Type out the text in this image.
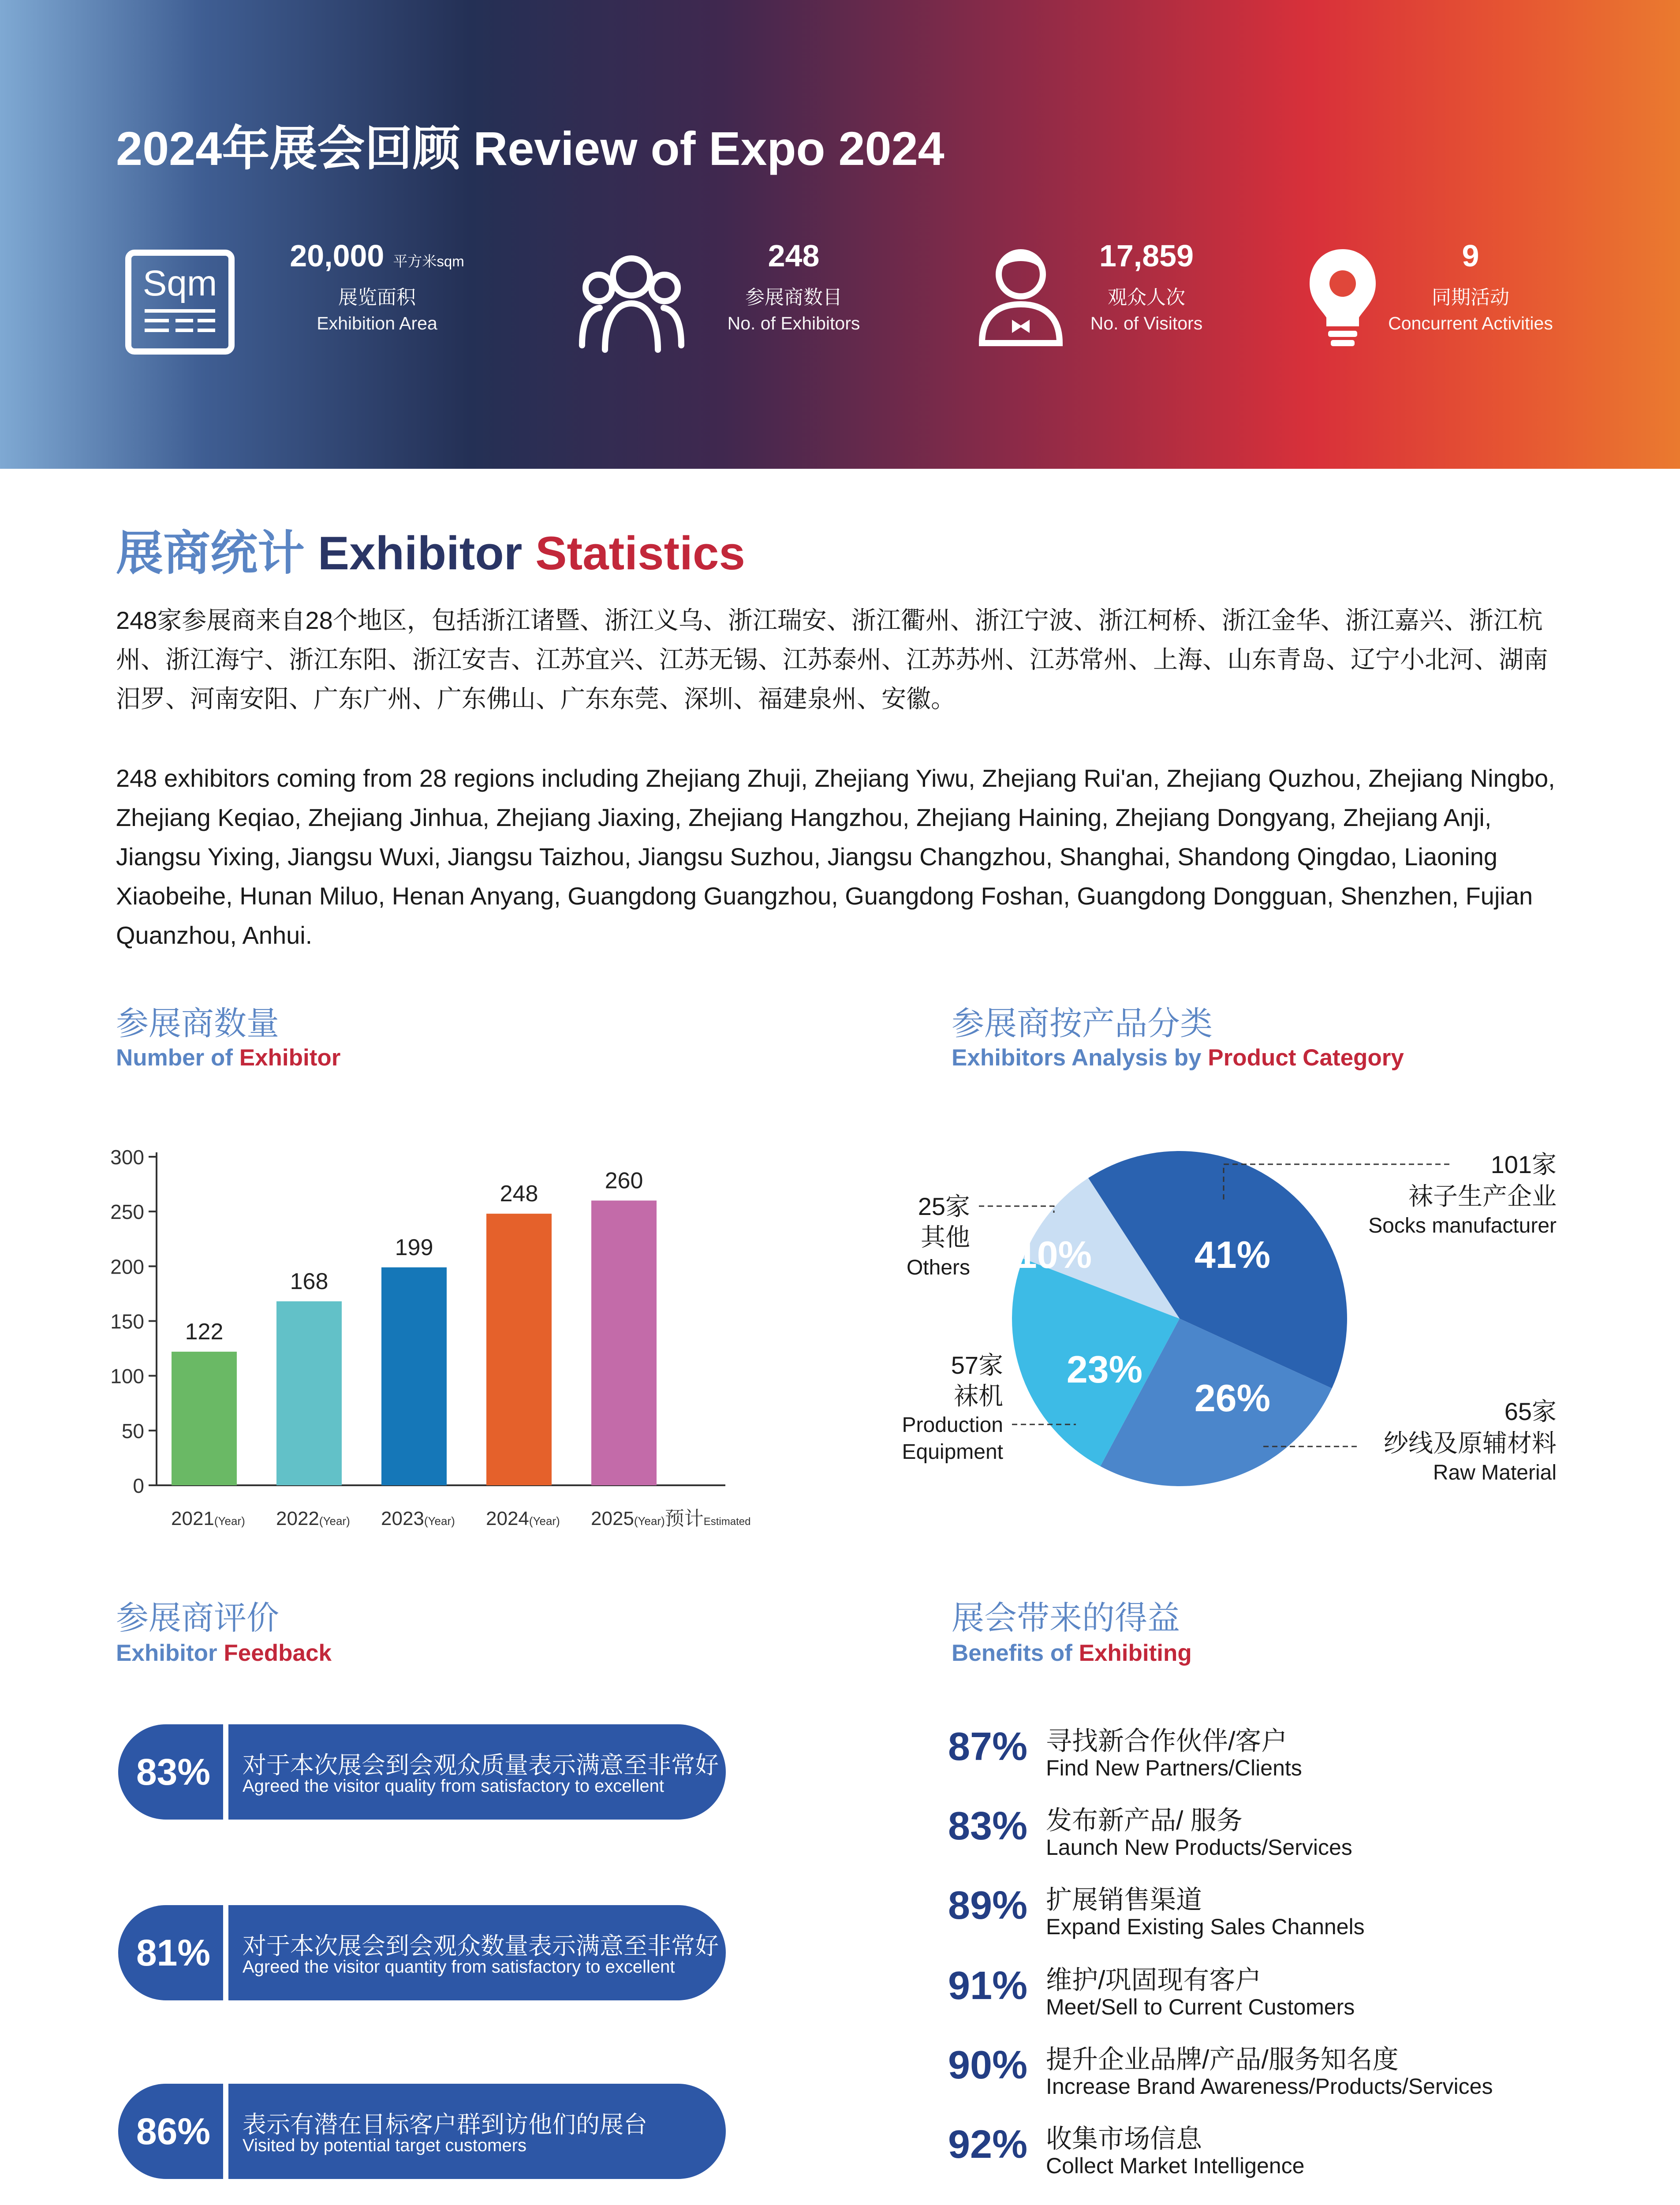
2024年展会回顾 Review of Expo 2024
Sqm
20,000 平方米sqm
展览面积
Exhibition Area
248
参展商数目
No. of Exhibitors
17,859
观众人次
No. of Visitors
9
同期活动
Concurrent Activities
展商统计 Exhibitor Statistics
248家参展商来自28个地区，包括浙江诸暨、浙江义乌、浙江瑞安、浙江衢州、浙江宁波、浙江柯桥、浙江金华、浙江嘉兴、浙江杭州、浙江海宁、浙江东阳、浙江安吉、江苏宜兴、江苏无锡、江苏泰州、江苏苏州、江苏常州、上海、山东青岛、辽宁小北河、湖南汨罗、河南安阳、广东广州、广东佛山、广东东莞、深圳、福建泉州、安徽。
248 exhibitors coming from 28 regions including Zhejiang Zhuji, Zhejiang Yiwu, Zhejiang Rui'an, Zhejiang Quzhou, Zhejiang Ningbo, Zhejiang Keqiao, Zhejiang Jinhua, Zhejiang Jiaxing, Zhejiang Hangzhou, Zhejiang Haining, Zhejiang Dongyang, Zhejiang Anji, Jiangsu Yixing, Jiangsu Wuxi, Jiangsu Taizhou, Jiangsu Suzhou, Jiangsu Changzhou, Shanghai, Shandong Qingdao, Liaoning Xiaobeihe, Hunan Miluo, Henan Anyang, Guangdong Guangzhou, Guangdong Foshan, Guangdong Dongguan, Shenzhen, Fujian Quanzhou, Anhui.
参展商数量
Number of Exhibitor
0
50
100
150
200
250
300
122
2021(Year)
168
2022(Year)
199
2023(Year)
248
2024(Year)
260
2025(Year)预计Estimated
参展商按产品分类
Exhibitors Analysis by Product Category
41%
26%
23%
10%
101家
袜子生产企业
Socks manufacturer
65家
纱线及原辅材料
Raw Material
57家
袜机
Production
Equipment
25家
其他
Others
参展商评价
Exhibitor Feedback
83% 对于本次展会到会观众质量表示满意至非常好
Agreed the visitor quality from satisfactory to excellent
81% 对于本次展会到会观众数量表示满意至非常好
Agreed the visitor quantity from satisfactory to excellent
86% 表示有潜在目标客户群到访他们的展台
Visited by potential target customers
展会带来的得益
Benefits of Exhibiting
87% 寻找新合作伙伴/客户
Find New Partners/Clients
83% 发布新产品/ 服务
Launch New Products/Services
89% 扩展销售渠道
Expand Existing Sales Channels
91% 维护/巩固现有客户
Meet/Sell to Current Customers
90% 提升企业品牌/产品/服务知名度
Increase Brand Awareness/Products/Services
92% 收集市场信息
Collect Market Intelligence
